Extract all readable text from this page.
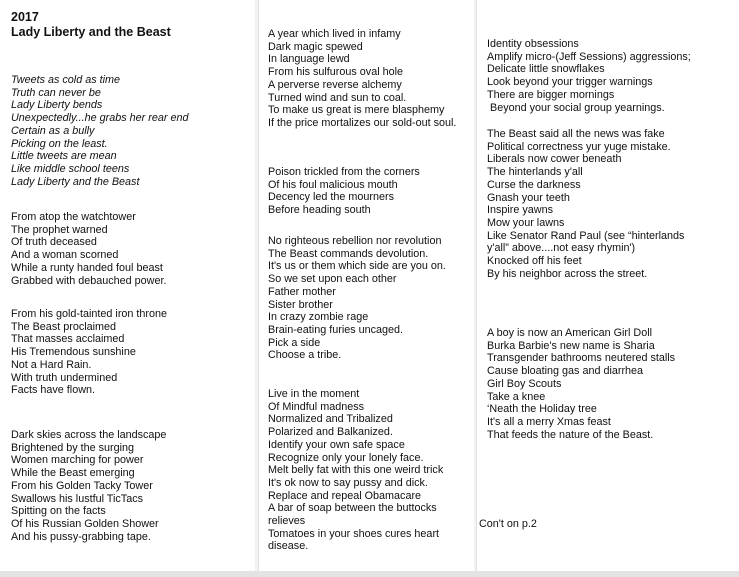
2017
Lady Liberty and the Beast
Tweets as cold as time
Truth can never be
Lady Liberty bends
Unexpectedly...he grabs her rear end
Certain as a bully
Picking on the least.
Little tweets are mean
Like middle school teens
Lady Liberty and the Beast
From atop the watchtower
The prophet warned
Of truth deceased
And a woman scorned
While a runty handed foul beast
Grabbed with debauched power.
From his gold-tainted iron throne
The Beast proclaimed
That masses acclaimed
His Tremendous sunshine
Not a Hard Rain.
With truth undermined
Facts have flown.
Dark skies across the landscape
Brightened by the surging
Women marching for power
While the Beast emerging
From his Golden Tacky Tower
Swallows his lustful TicTacs
Spitting on the facts
Of his Russian Golden Shower
And his pussy-grabbing tape.
A year which lived in infamy
Dark magic spewed
In language lewd
From his sulfurous oval hole
A perverse reverse alchemy
Turned wind and sun to coal.
To make us great is mere blasphemy
If the price mortalizes our sold-out soul.
Poison trickled from the corners
Of his foul malicious mouth
Decency led the mourners
Before heading south
No righteous rebellion nor revolution
The Beast commands devolution.
It's us or them which side are you on.
So we set upon each other
Father mother
Sister brother
In crazy zombie rage
Brain-eating furies uncaged.
Pick a side
Choose a tribe.
Live in the moment
Of Mindful madness
Normalized and Tribalized
Polarized and Balkanized.
Identify your own safe space
Recognize only your lonely face.
Melt belly fat with this one weird trick
It's ok now to say pussy and dick.
Replace and repeal Obamacare
A bar of soap between the buttocks
relieves
Tomatoes in your shoes cures heart
disease.
Identity obsessions
Amplify micro-(Jeff Sessions) aggressions;
Delicate little snowflakes
Look beyond your trigger warnings
There are bigger mornings
Beyond your social group yearnings.
The Beast said all the news was fake
Political correctness yur yuge mistake.
Liberals now cower beneath
The hinterlands y'all
Curse the darkness
Gnash your teeth
Inspire yawns
Mow your lawns
Like Senator Rand Paul (see “hinterlands
y'all” above....not easy rhymin')
Knocked off his feet
By his neighbor across the street.
A boy is now an American Girl Doll
Burka Barbie's new name is Sharia
Transgender bathrooms neutered stalls
Cause bloating gas and diarrhea
Girl Boy Scouts
Take a knee
‘Neath the Holiday tree
It's all a merry Xmas feast
That feeds the nature of the Beast.
Con't on p.2
